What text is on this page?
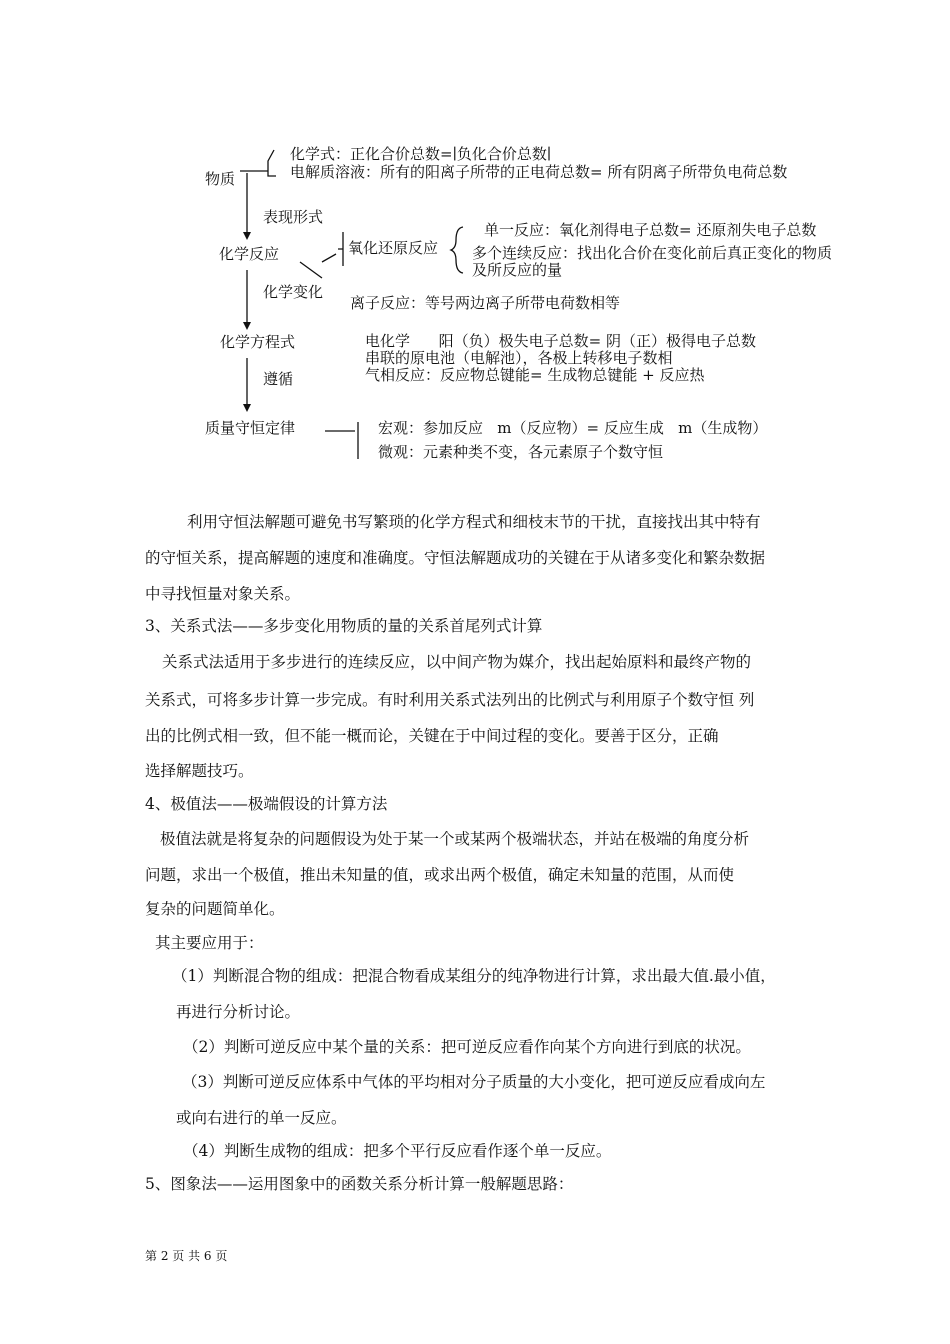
物质
化学式：正化合价总数=∣负化合价总数∣
电解质溶液：所有的阳离子所带的正电荷总数= 所有阴离子所带负电荷总数
表现形式
化学反应	氧化还原反应
单一反应：氧化剂得电子总数= 还原剂失电子总数
多个连续反应：找出化合价在变化前后真正变化的物质
及所反应的量
化学变化
离子反应：等号两边离子所带电荷数相等
化学方程式	电化学      阳（负）极失电子总数= 阴（正）极得电子总数
串联的原电池（电解池），各极上转移电子数相
气相反应：反应物总键能= 生成物总键能 + 反应热
遵循
质量守恒定律	宏观：参加反应   m（反应物）= 反应生成   m（生成物）
微观：元素种类不变，各元素原子个数守恒
利用守恒法解题可避免书写繁琐的化学方程式和细枝末节的干扰，直接找出其中特有
的守恒关系，提高解题的速度和准确度。守恒法解题成功的关键在于从诸多变化和繁杂数据
中寻找恒量对象关系。
3、关系式法——多步变化用物质的量的关系首尾列式计算
关系式法适用于多步进行的连续反应，以中间产物为媒介，找出起始原料和最终产物的
关系式，可将多步计算一步完成。有时利用关系式法列出的比例式与利用原子个数守恒 列
出的比例式相一致，但不能一概而论，关键在于中间过程的变化。要善于区分，正确
选择解题技巧。
4、极值法——极端假设的计算方法
极值法就是将复杂的问题假设为处于某一个或某两个极端状态，并站在极端的角度分析
问题，求出一个极值，推出未知量的值，或求出两个极值，确定未知量的范围，从而使
复杂的问题简单化。
其主要应用于：
（1）判断混合物的组成：把混合物看成某组分的纯净物进行计算，求出最大值.最小值，
再进行分析讨论。
（2）判断可逆反应中某个量的关系：把可逆反应看作向某个方向进行到底的状况。
（3）判断可逆反应体系中气体的平均相对分子质量的大小变化，把可逆反应看成向左
或向右进行的单一反应。
（4）判断生成物的组成：把多个平行反应看作逐个单一反应。
5、图象法——运用图象中的函数关系分析计算一般解题思路：
第 2 页 共 6 页
